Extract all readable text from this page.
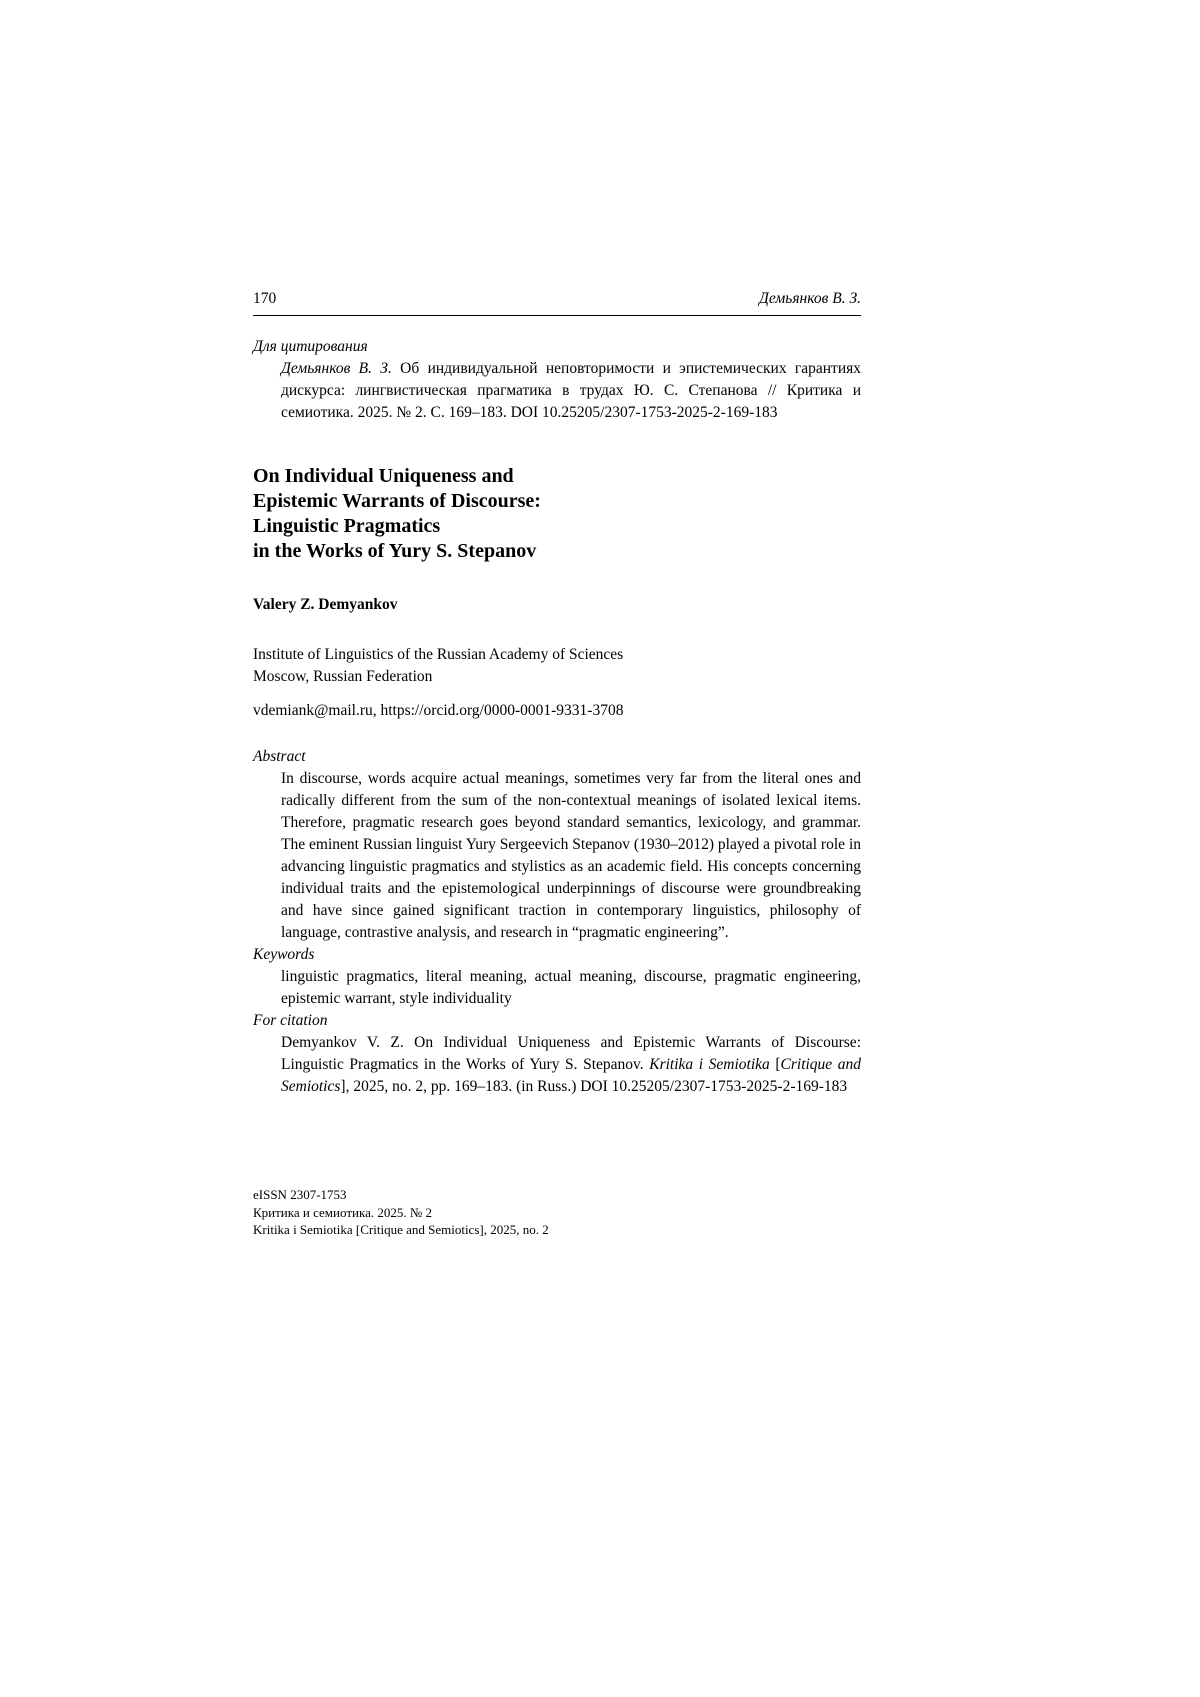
170	Демьянков В. З.
Для цитирования
Демьянков В. З. Об индивидуальной неповторимости и эпистемических гарантиях дискурса: лингвистическая прагматика в трудах Ю. С. Степанова // Критика и семиотика. 2025. № 2. С. 169–183. DOI 10.25205/2307-1753-2025-2-169-183
On Individual Uniqueness and
Epistemic Warrants of Discourse:
Linguistic Pragmatics
in the Works of Yury S. Stepanov
Valery Z. Demyankov
Institute of Linguistics of the Russian Academy of Sciences
Moscow, Russian Federation
vdemiank@mail.ru, https://orcid.org/0000-0001-9331-3708
Abstract
In discourse, words acquire actual meanings, sometimes very far from the literal ones and radically different from the sum of the non-contextual meanings of isolated lexical items. Therefore, pragmatic research goes beyond standard semantics, lexicology, and grammar. The eminent Russian linguist Yury Sergeevich Stepanov (1930–2012) played a pivotal role in advancing linguistic pragmatics and stylistics as an academic field. His concepts concerning individual traits and the epistemological underpinnings of discourse were groundbreaking and have since gained significant traction in contemporary linguistics, philosophy of language, contrastive analysis, and research in “pragmatic engineering”.
Keywords
linguistic pragmatics, literal meaning, actual meaning, discourse, pragmatic engineering, epistemic warrant, style individuality
For citation
Demyankov V. Z. On Individual Uniqueness and Epistemic Warrants of Discourse: Linguistic Pragmatics in the Works of Yury S. Stepanov. Kritika i Semiotika [Critique and Semiotics], 2025, no. 2, pp. 169–183. (in Russ.) DOI 10.25205/2307-1753-2025-2-169-183
eISSN 2307-1753
Критика и семиотика. 2025. № 2
Kritika i Semiotika [Critique and Semiotics], 2025, no. 2
